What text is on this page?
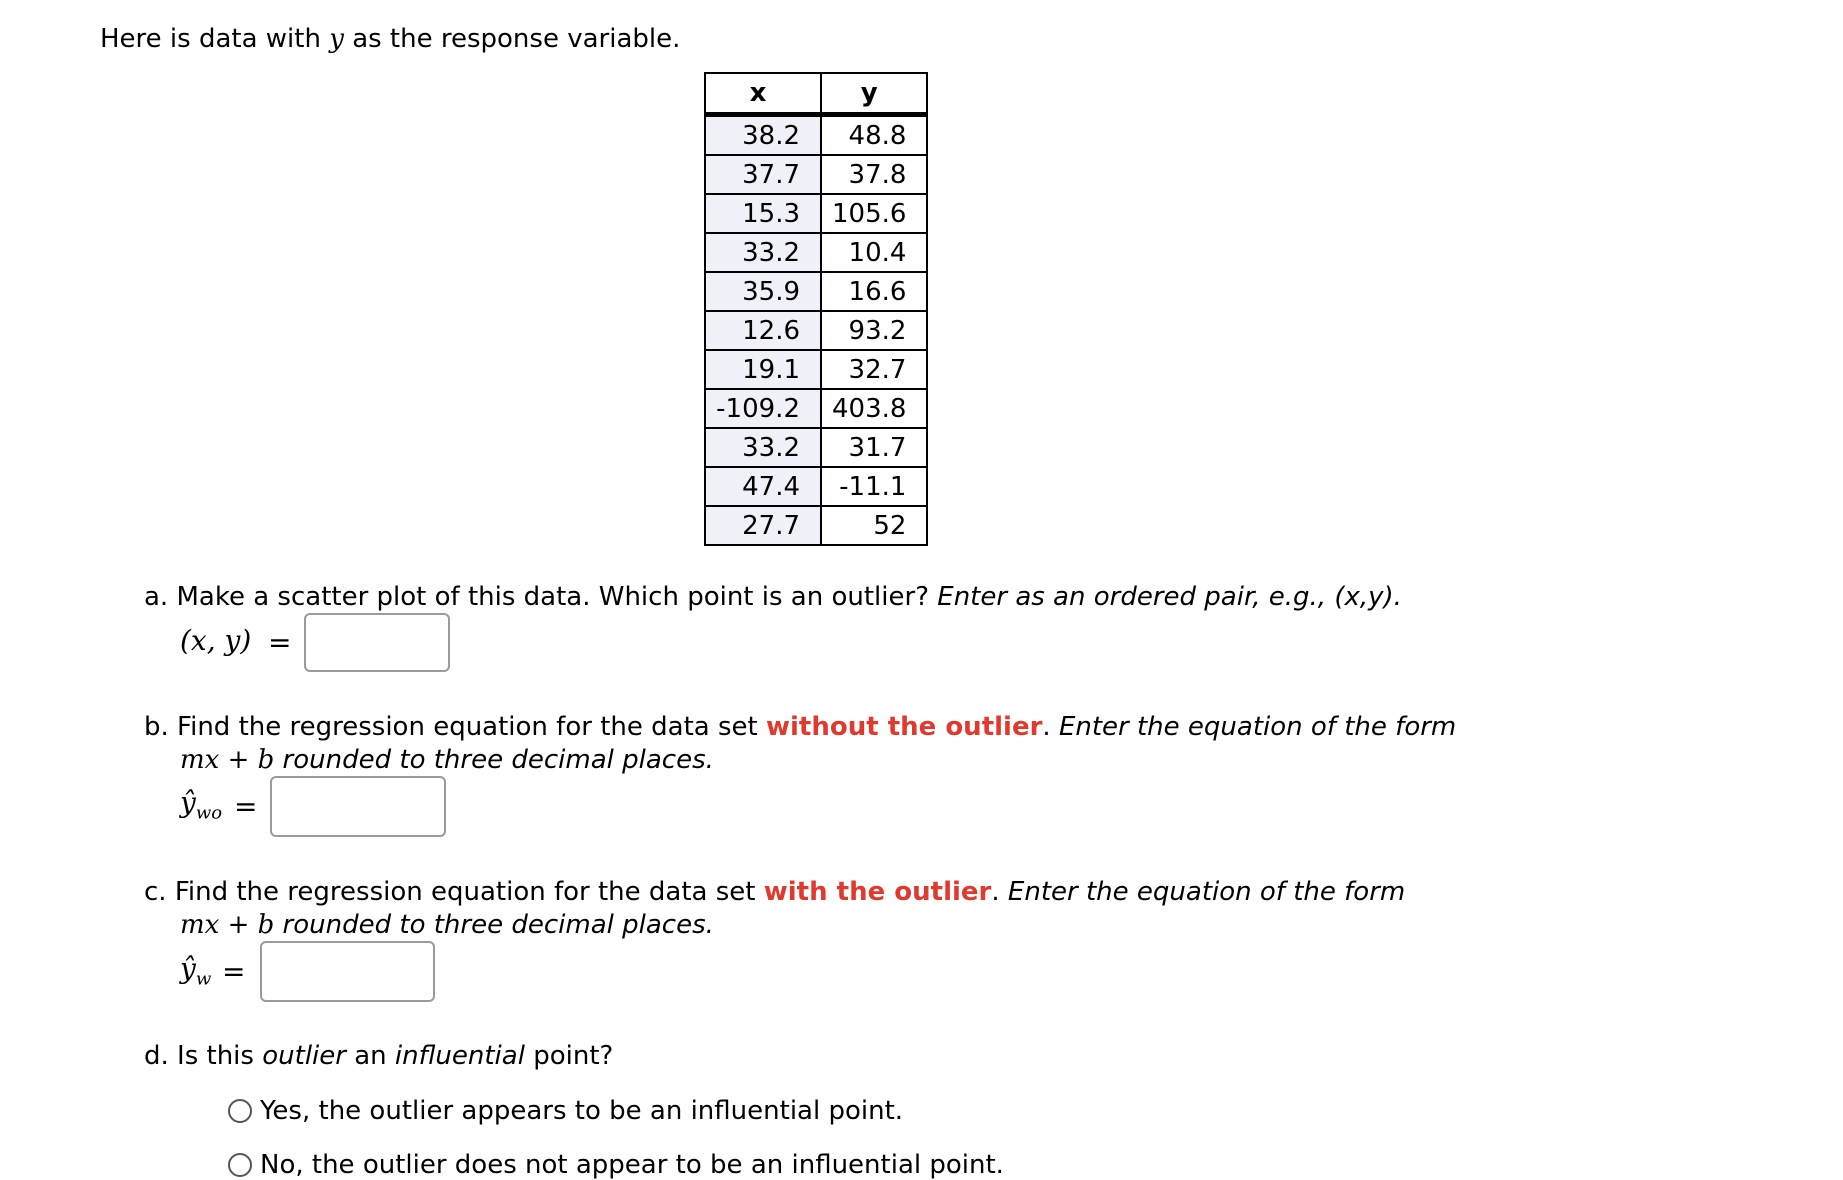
Here is data with y as the response variable.
x	y
38.2	48.8
37.7	37.8
15.3	105.6
33.2	10.4
35.9	16.6
12.6	93.2
19.1	32.7
-109.2	403.8
33.2	31.7
47.4	-11.1
27.7	52
a. Make a scatter plot of this data. Which point is an outlier? Enter as an ordered pair, e.g., (x,y).
(x, y) =
b. Find the regression equation for the data set without the outlier. Enter the equation of the form
mx + b rounded to three decimal places.
$ŷ_{wo}$ =
c. Find the regression equation for the data set with the outlier. Enter the equation of the form
mx + b rounded to three decimal places.
$ŷ_w$ =
d. Is this outlier an influential point?
Yes, the outlier appears to be an influential point.
No, the outlier does not appear to be an influential point.
